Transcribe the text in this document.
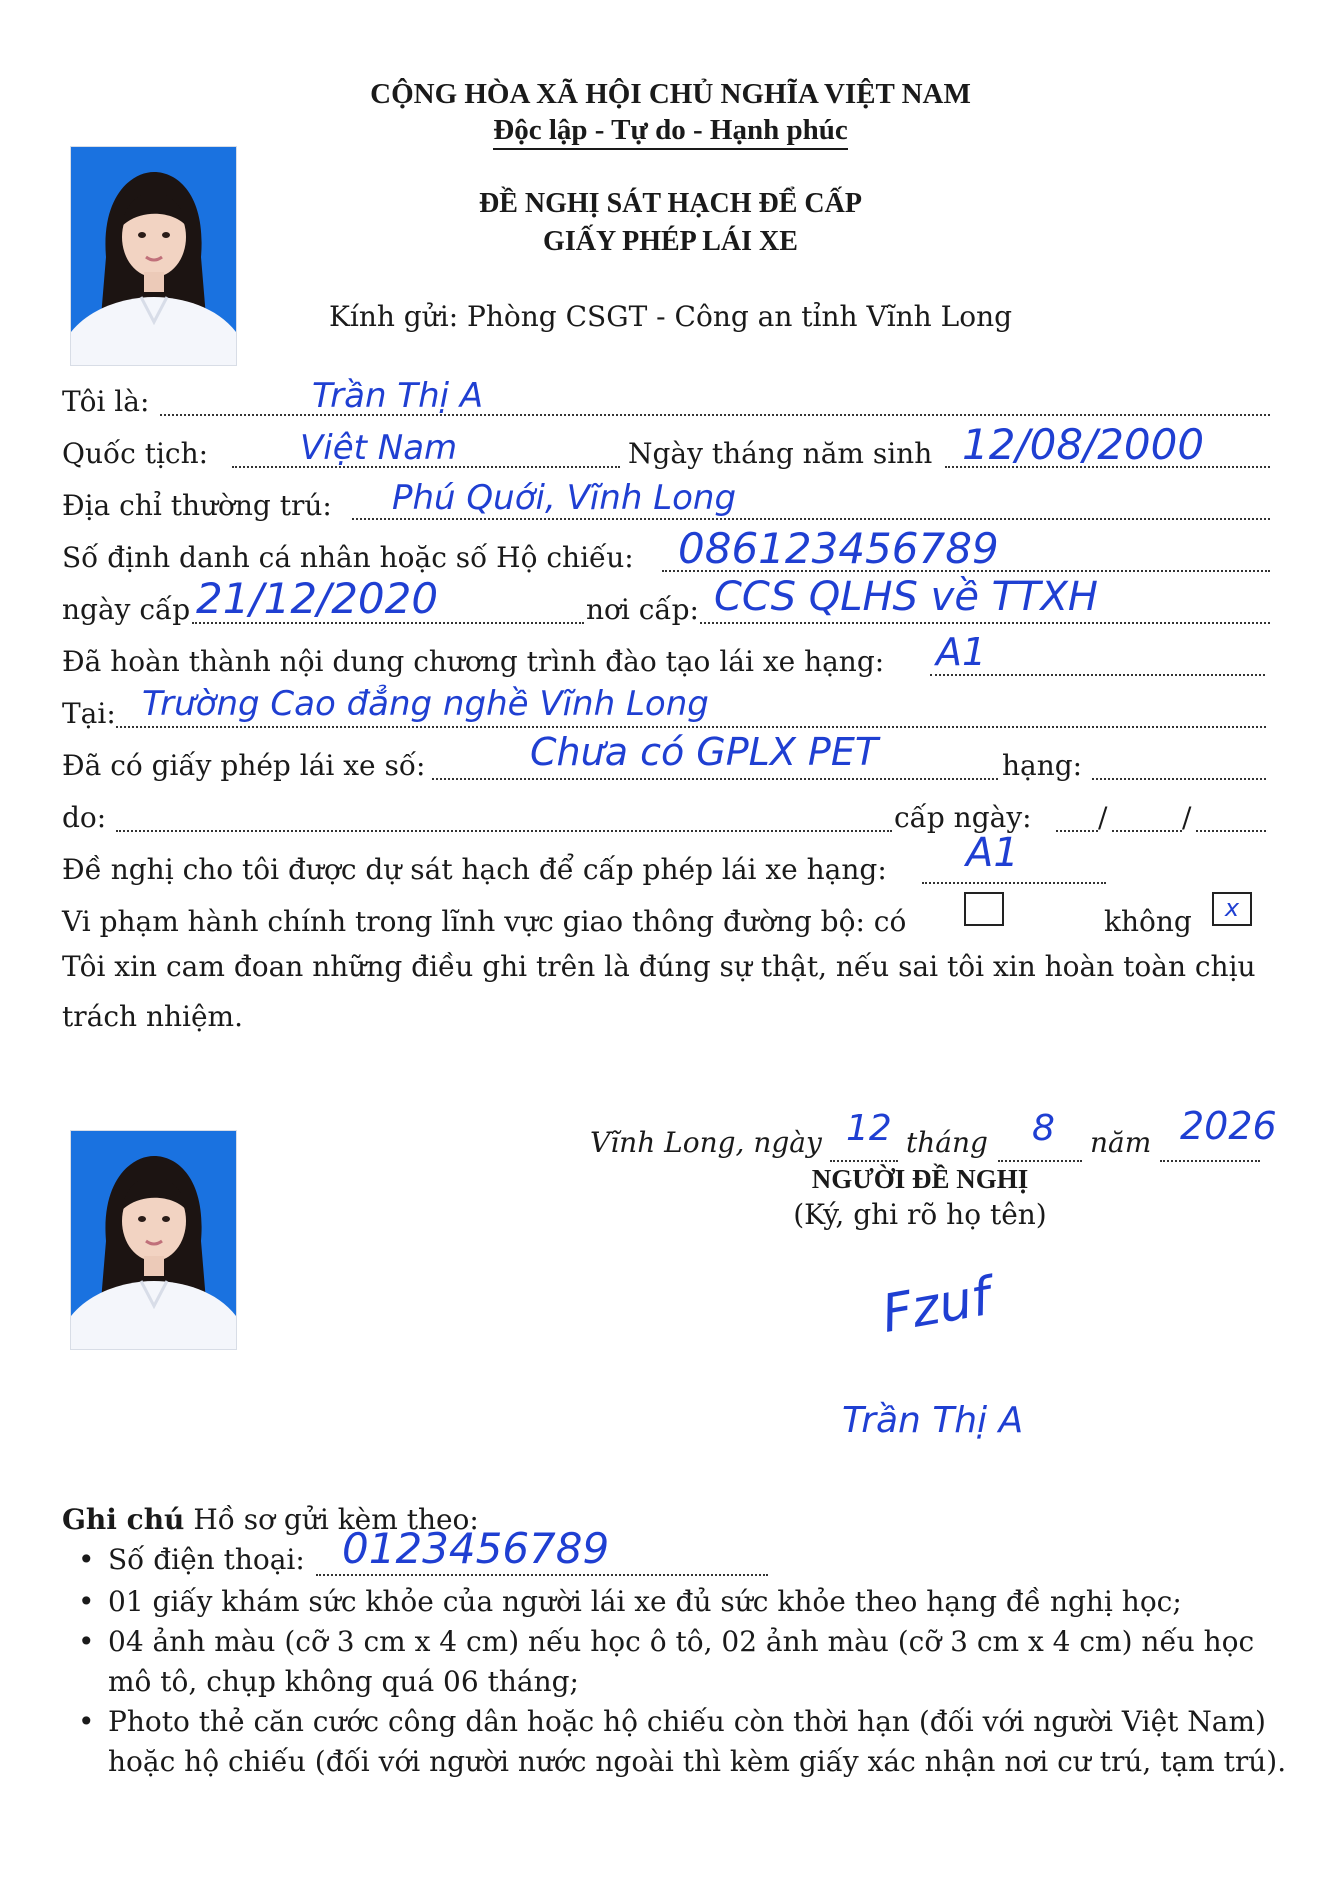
CỘNG HÒA XÃ HỘI CHỦ NGHĨA VIỆT NAM
Độc lập - Tự do - Hạnh phúc
ĐỀ NGHỊ SÁT HẠCH ĐỂ CẤP
GIẤY PHÉP LÁI XE
Kính gửi: Phòng CSGT - Công an tỉnh Vĩnh Long
Tôi là:	Trần Thị A
Quốc tịch:	Việt Nam	Ngày tháng năm sinh 12/08/2000
Địa chỉ thường trú: Phú Quới, Vĩnh Long
Số định danh cá nhân hoặc số Hộ chiếu: 086123456789
ngày cấp 21/12/2020	nơi cấp: CCS QLHS về TTXH
Đã hoàn thành nội dung chương trình đào tạo lái xe hạng: A1
Tại: Trường Cao đẳng nghề Vĩnh Long
Đã có giấy phép lái xe số:	Chưa có GPLX PET	hạng:
do:	cấp ngày: /	/
Đề nghị cho tôi được dự sát hạch để cấp phép lái xe hạng: A1
Vi phạm hành chính trong lĩnh vực giao thông đường bộ: có	không	x
Tôi xin cam đoan những điều ghi trên là đúng sự thật, nếu sai tôi xin hoàn toàn chịu trách nhiệm.
Vĩnh Long, ngày 12 tháng 8 năm 2026
NGƯỜI ĐỀ NGHỊ
(Ký, ghi rõ họ tên)
Fzuf
Trần Thị A
Ghi chú Hồ sơ gửi kèm theo:
• Số điện thoại: 0123456789
• 01 giấy khám sức khỏe của người lái xe đủ sức khỏe theo hạng đề nghị học;
• 04 ảnh màu (cỡ 3 cm x 4 cm) nếu học ô tô, 02 ảnh màu (cỡ 3 cm x 4 cm) nếu học mô tô, chụp không quá 06 tháng;
• Photo thẻ căn cước công dân hoặc hộ chiếu còn thời hạn (đối với người Việt Nam) hoặc hộ chiếu (đối với người nước ngoài thì kèm giấy xác nhận nơi cư trú, tạm trú).
